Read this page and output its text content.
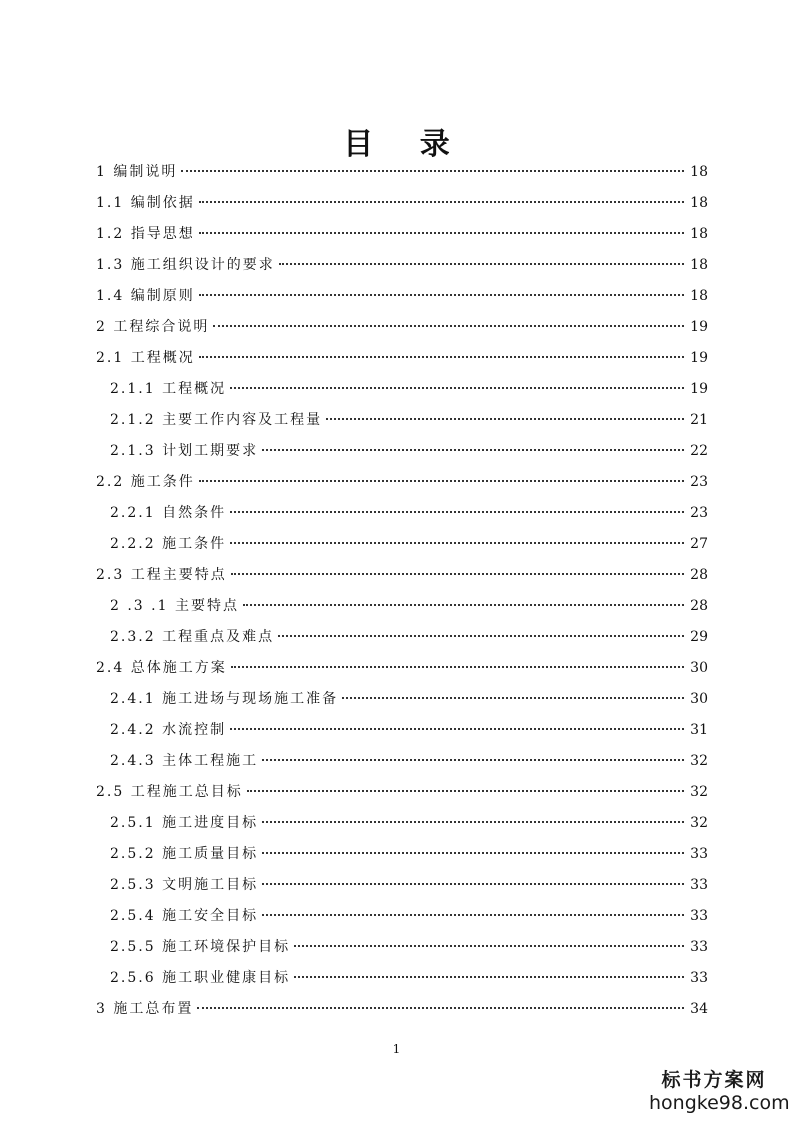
目 录
1 编制说明	18
1.1 编制依据	18
1.2 指导思想	18
1.3 施工组织设计的要求	18
1.4 编制原则	18
2 工程综合说明	19
2.1 工程概况	19
2.1.1 工程概况	19
2.1.2 主要工作内容及工程量	21
2.1.3 计划工期要求	22
2.2 施工条件	23
2.2.1 自然条件	23
2.2.2 施工条件	27
2.3 工程主要特点	28
2 .3 .1 主要特点	28
2.3.2 工程重点及难点	29
2.4 总体施工方案	30
2.4.1 施工进场与现场施工准备	30
2.4.2 水流控制	31
2.4.3 主体工程施工	32
2.5 工程施工总目标	32
2.5.1 施工进度目标	32
2.5.2 施工质量目标	33
2.5.3 文明施工目标	33
2.5.4 施工安全目标	33
2.5.5 施工环境保护目标	33
2.5.6 施工职业健康目标	33
3 施工总布置	34
1
标书方案网
hongke98.com
